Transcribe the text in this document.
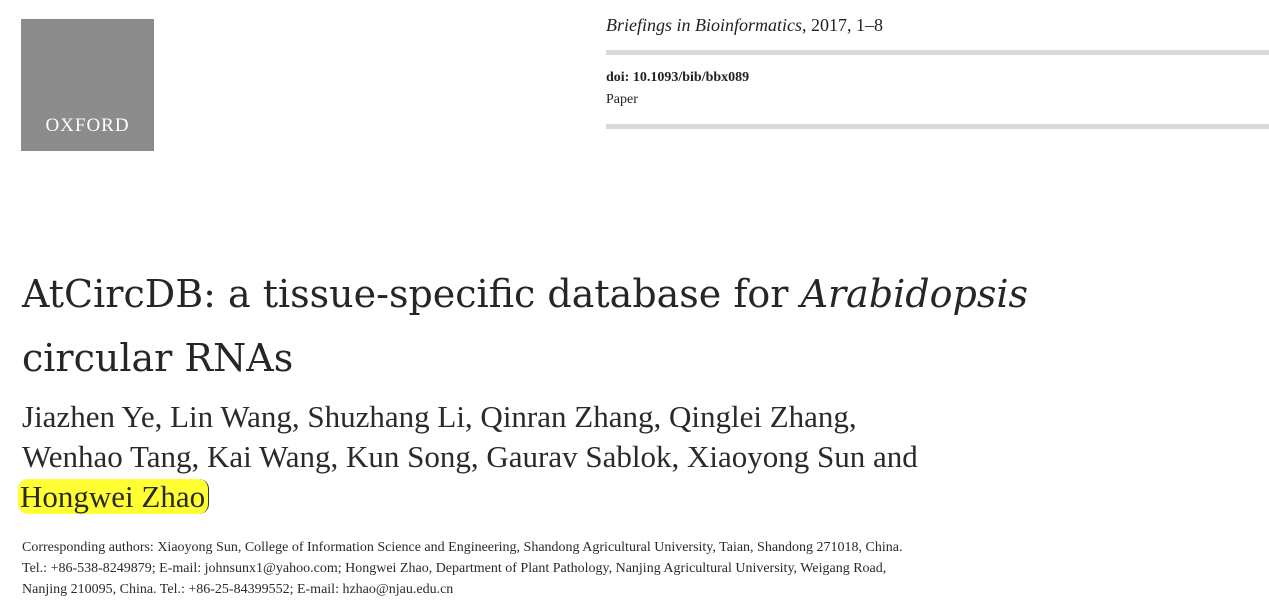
OXFORD
Briefings in Bioinformatics, 2017, 1–8
doi: 10.1093/bib/bbx089
Paper
AtCircDB: a tissue-specific database for Arabidopsis
circular RNAs
Jiazhen Ye, Lin Wang, Shuzhang Li, Qinran Zhang, Qinglei Zhang,
Wenhao Tang, Kai Wang, Kun Song, Gaurav Sablok, Xiaoyong Sun and
Hongwei Zhao
Corresponding authors: Xiaoyong Sun, College of Information Science and Engineering, Shandong Agricultural University, Taian, Shandong 271018, China.
Tel.: +86-538-8249879; E-mail: johnsunx1@yahoo.com; Hongwei Zhao, Department of Plant Pathology, Nanjing Agricultural University, Weigang Road,
Nanjing 210095, China. Tel.: +86-25-84399552; E-mail: hzhao@njau.edu.cn
